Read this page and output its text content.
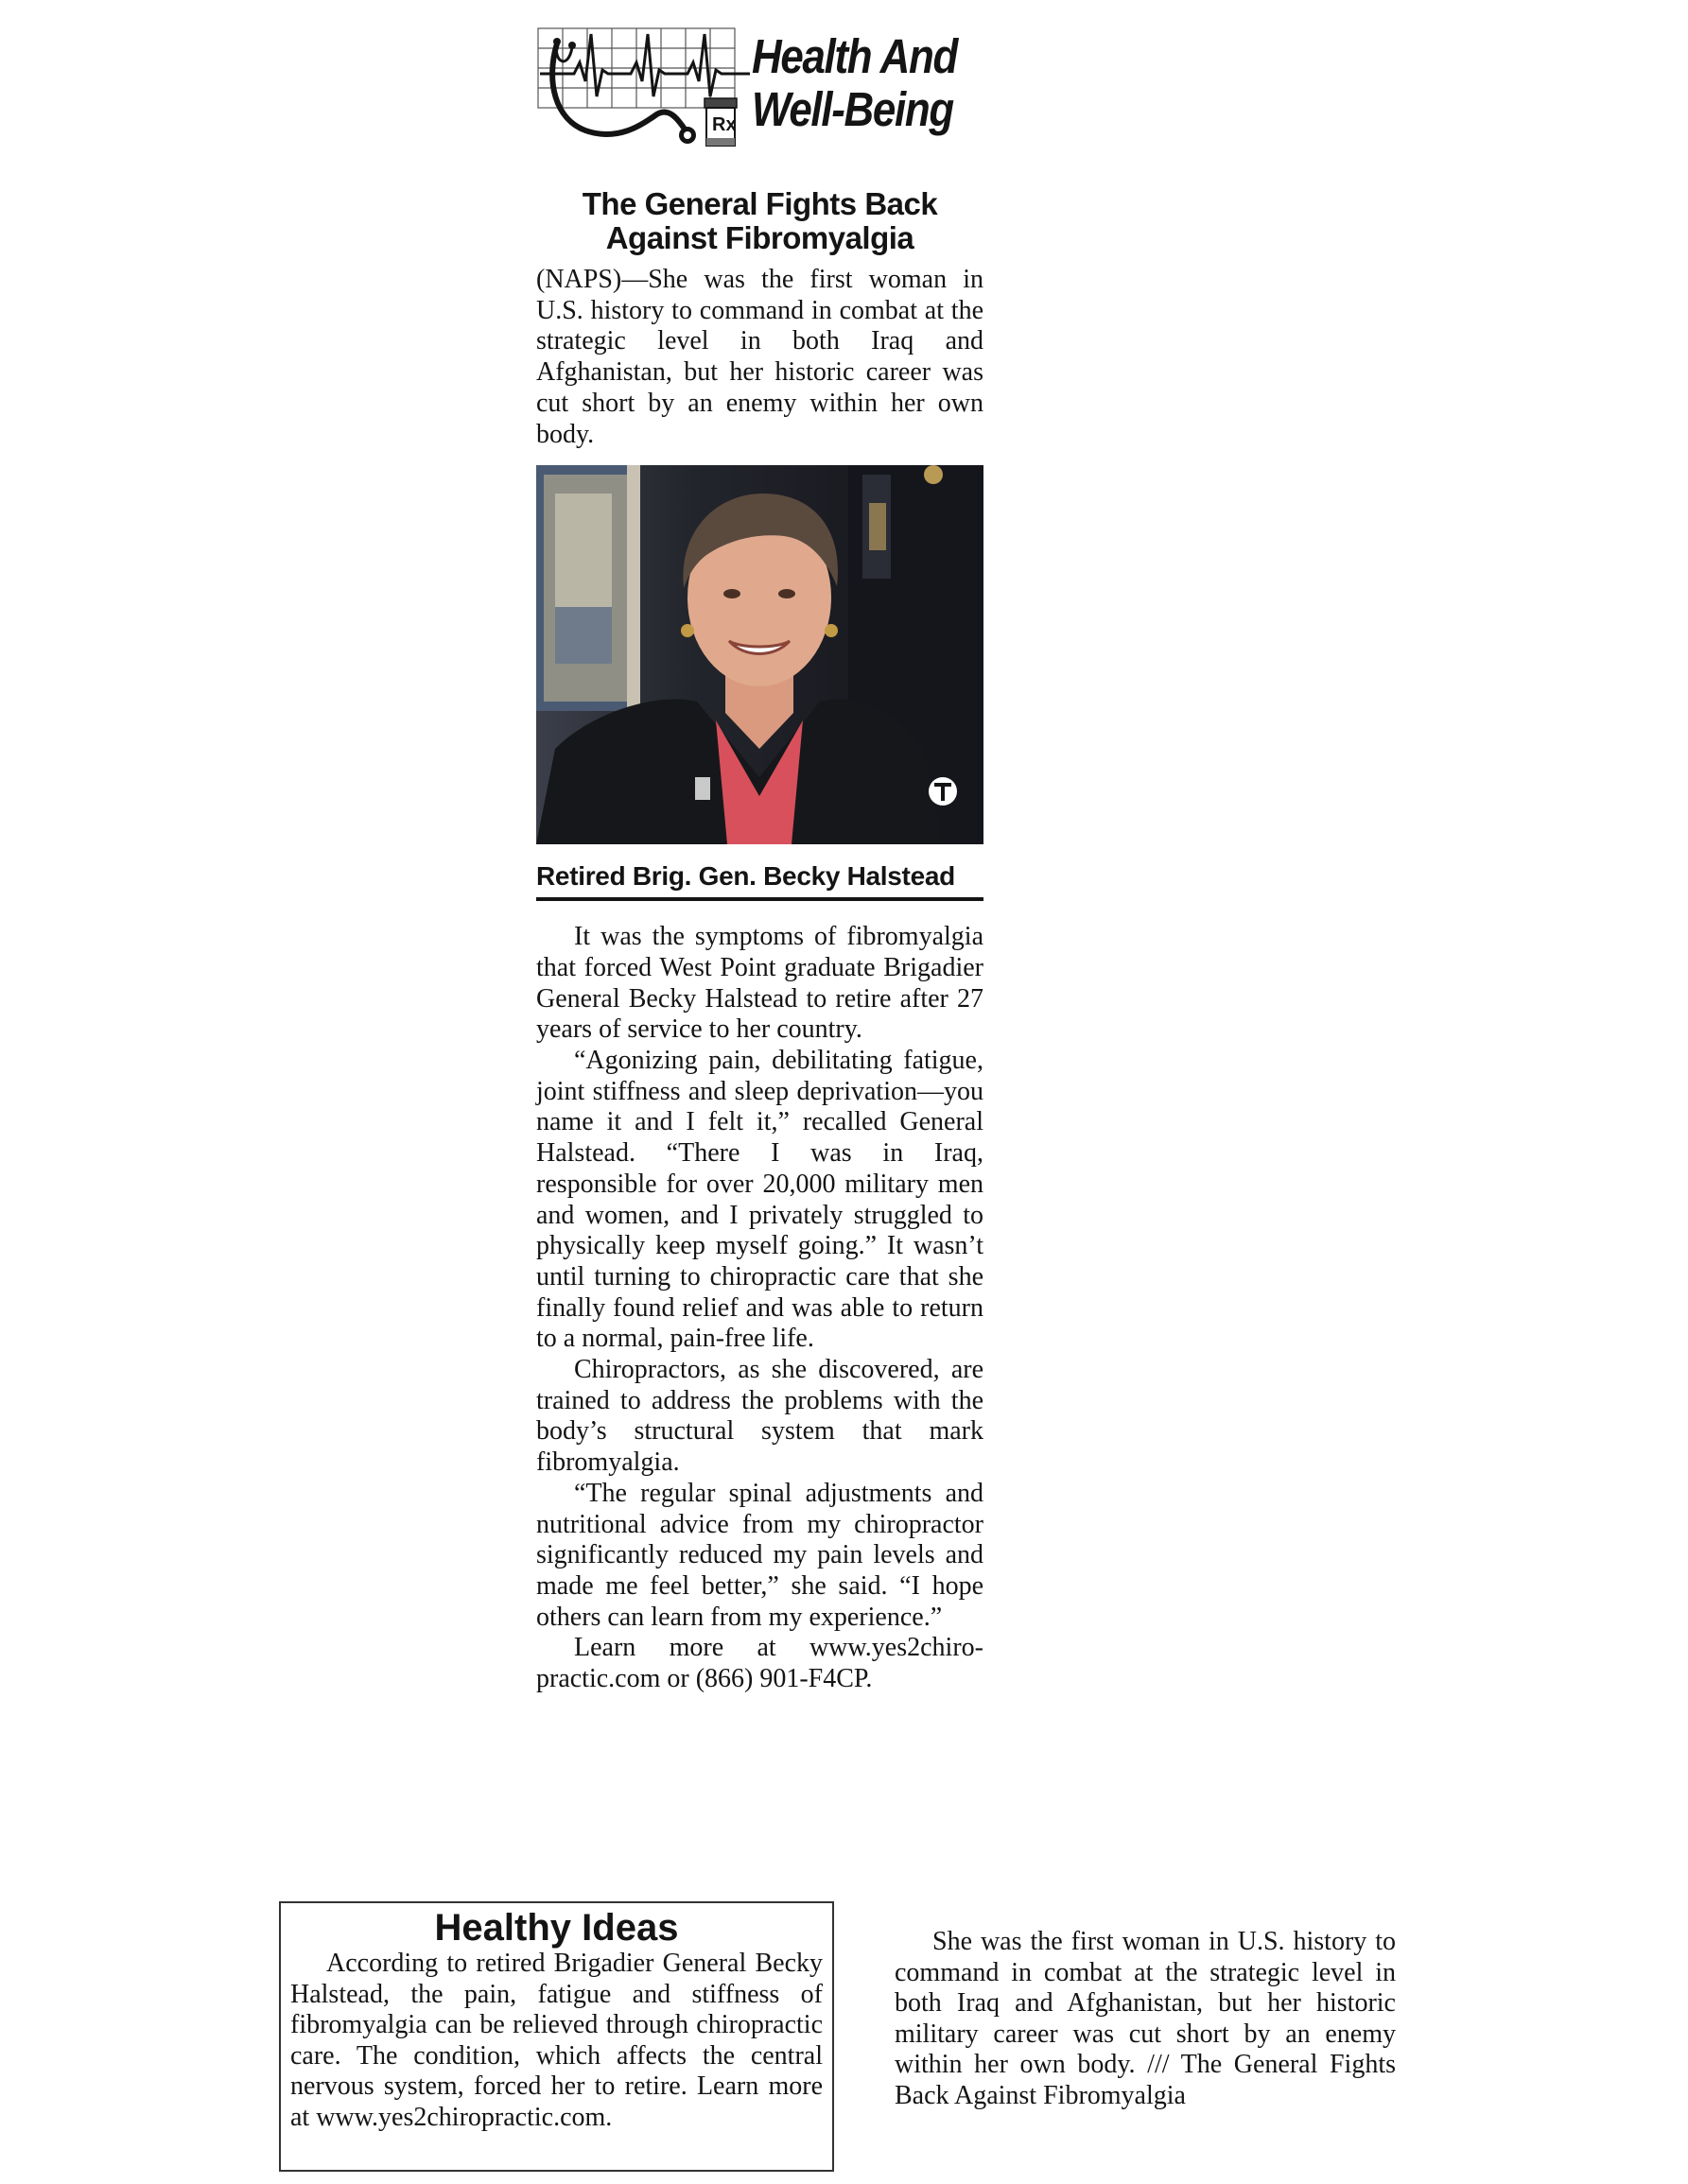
Rx
Health And
Well-Being
The General Fights Back
Against Fibromyalgia

(NAPS)—She was the first woman in U.S. history to command in combat at the strategic level in both Iraq and Afghanistan, but her historic career was cut short by an enemy within her own body.

Retired Brig. Gen. Becky Halstead

It was the symptoms of fibromyalgia that forced West Point graduate Brigadier General Becky Halstead to retire after 27 years of service to her country.

“Agonizing pain, debilitating fatigue, joint stiffness and sleep deprivation—you name it and I felt it,” recalled General Halstead. “There I was in Iraq, responsible for over 20,000 military men and women, and I privately struggled to physically keep myself going.” It wasn’t until turning to chiropractic care that she finally found relief and was able to return to a normal, pain-free life.

Chiropractors, as she discovered, are trained to address the problems with the body’s structural system that mark fibromyalgia.

“The regular spinal adjustments and nutritional advice from my chiropractor significantly reduced my pain levels and made me feel better,” she said. “I hope others can learn from my experience.”

Learn more at www.yes2chiropractic.com or (866) 901-F4CP.

Healthy Ideas

According to retired Brigadier General Becky Halstead, the pain, fatigue and stiffness of fibromyalgia can be relieved through chiropractic care. The condition, which affects the central nervous system, forced her to retire. Learn more at www.yes2chiropractic.com.

She was the first woman in U.S. history to command in combat at the strategic level in both Iraq and Afghanistan, but her historic military career was cut short by an enemy within her own body. /// The General Fights Back Against Fibromyalgia
